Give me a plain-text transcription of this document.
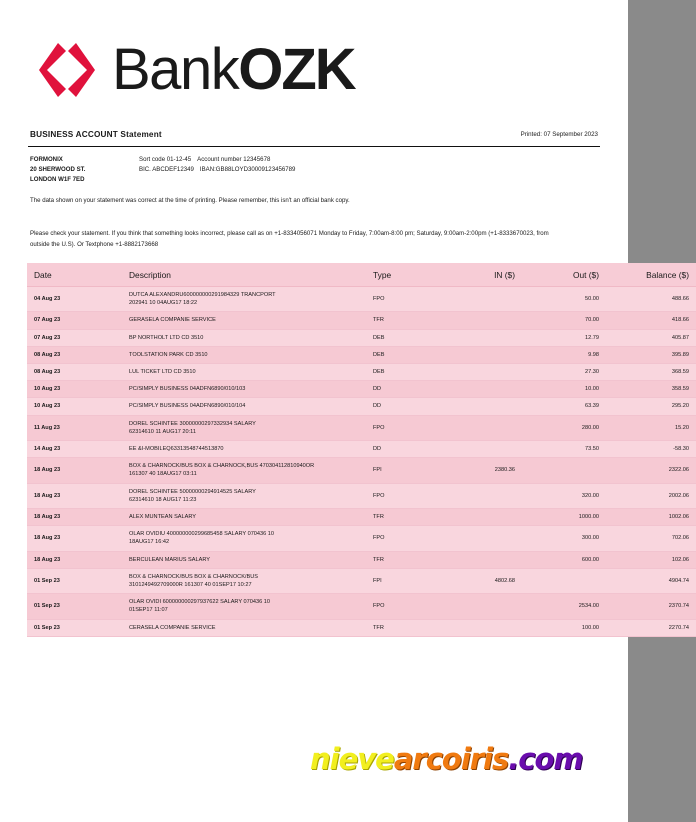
BankOZK
BUSINESS ACCOUNT Statement	Printed: 07 September 2023
FORMONIX
20 SHERWOOD ST.
LONDON W1F 7ED
Sort code 01-12-45 Account number 12345678
BIC. ABCDEF12349 IBAN:GB88LOYD30009123456789
The data shown on your statement was correct at the time of printing. Please remember, this isn't an official bank copy.
Please check your statement. If you think that something looks incorrect, please call as on +1-8334056071 Monday to Friday, 7:00am-8:00 pm; Saturday, 9:00am-2:00pm (+1-8333670023, from outside the U.S). Or Textphone +1-8882173668
Date	Description	Type	IN ($)	Out ($)	Balance ($)
04 Aug 23	DUTCA ALEXANDRU600000000291984329 TRANCPORT
202941 10 04AUG17 18:22	FPO		50.00	488.66
07 Aug 23	GERASELA COMPANIE SERVICE	TFR		70.00	418.66
07 Aug 23	BP NORTHOLT LTD CD 3510	DEB		12.79	405.87
08 Aug 23	TOOLSTATION PARK CD 3510	DEB		9.98	395.89
08 Aug 23	LUL TICKET LTD CD 3510	DEB		27.30	368.59
10 Aug 23	PC/SIMPLY BUSINESS 04ADFN6890/010/103	DD		10.00	358.59
10 Aug 23	PC/SIMPLY BUSINESS 04ADFN6890/010/104	DD		63.39	295.20
11 Aug 23	DOREL SCHINTEE 30000000297332934 SALARY
62314610 11 AUG17 20:11	FPO		280.00	15.20
14 Aug 23	EE &I-MOBILEQ63313548744513870	DD		73.50	-58.30
18 Aug 23	BOX & CHARNOCK/BUS BOX & CHARNOCK,BUS 470304112810940OR
161307 40 18AUG17 03:11	FPI	2380.36		2322.06
18 Aug 23	DOREL SCHINTEE 50000000294914525 SALARY
62314610 18 AUG17 11:23	FPO		320.00	2002.06
18 Aug 23	ALEX MUNTEAN SALARY	TFR		1000.00	1002.06
18 Aug 23	OLAR OVIDIU 400000000299685458 SALARY 070436 10
18AUG17 16:42	FPO		300.00	702.06
18 Aug 23	BERCULEAN MARIUS SALARY	TFR		600.00	102.06
01 Sep 23	BOX & CHARNOCK/BUS BOX & CHARNOCK/BUS
3101249492709000R 161307 40 01SEP17 10:27	FPI	4802.68		4904.74
01 Sep 23	OLAR OVIDI 600000000297937622 SALARY 070436 10
01SEP17 11:07	FPO		2534.00	2370.74
01 Sep 23	CERASELA COMPANIE SERVICE	TFR		100.00	2270.74
nievearcoiris.com
